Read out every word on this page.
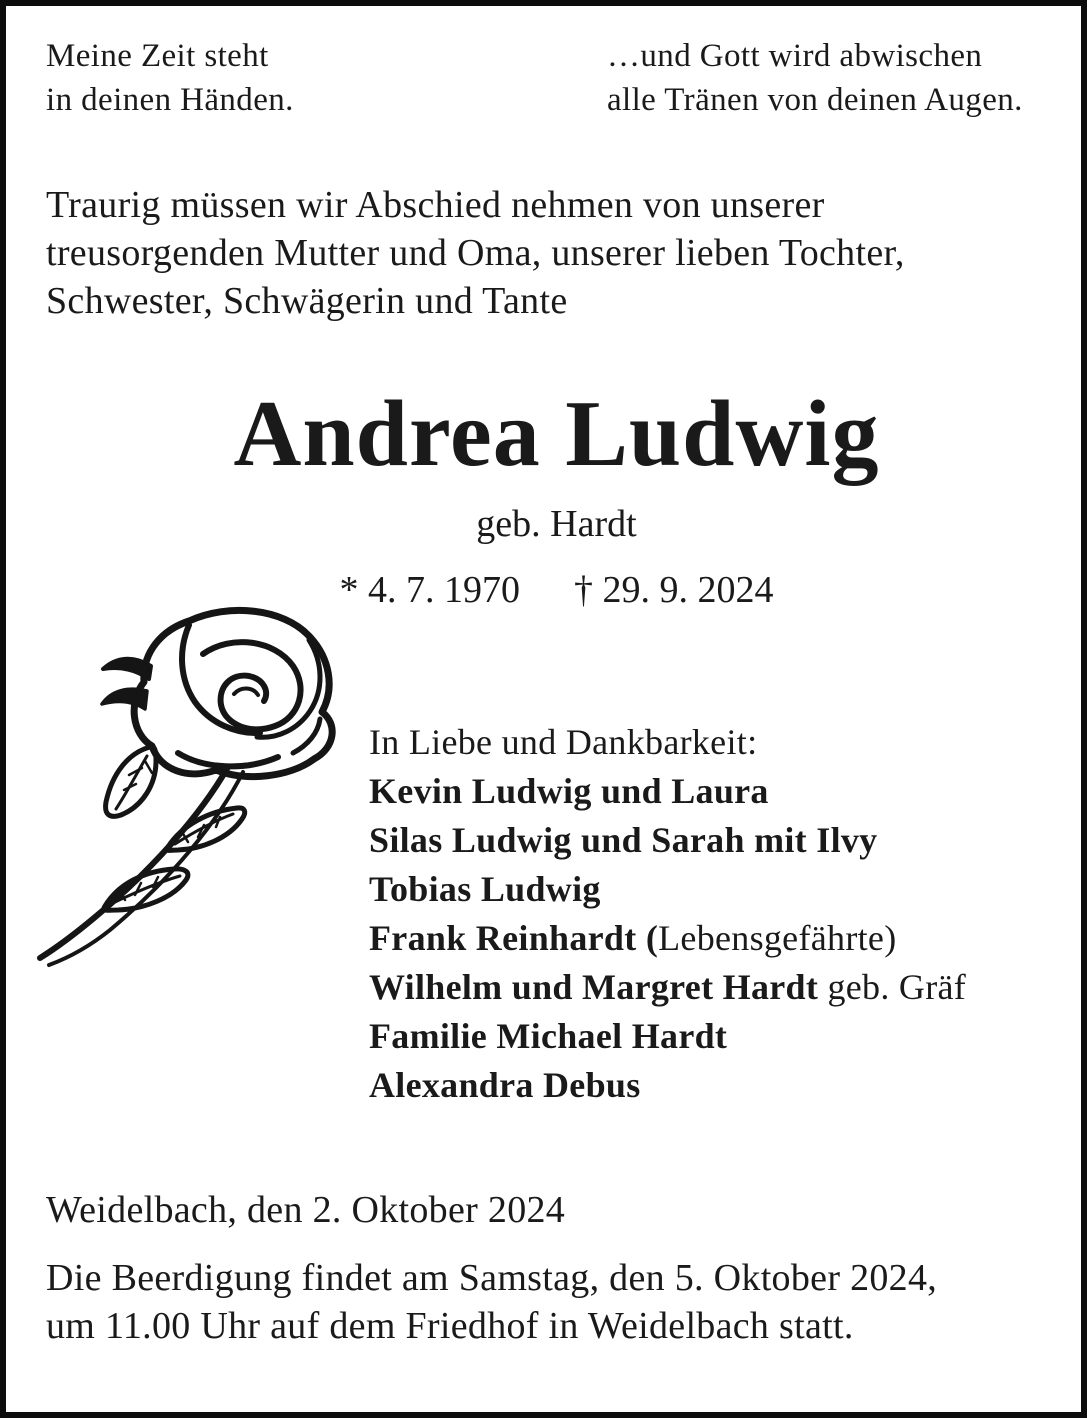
Meine Zeit steht
in deinen Händen.
…und Gott wird abwischen
alle Tränen von deinen Augen.
Traurig müssen wir Abschied nehmen von unserer
treusorgenden Mutter und Oma, unserer lieben Tochter,
Schwester, Schwägerin und Tante
Andrea Ludwig
geb. Hardt
* 4. 7. 1970 † 29. 9. 2024
In Liebe und Dankbarkeit:
Kevin Ludwig und Laura
Silas Ludwig und Sarah mit Ilvy
Tobias Ludwig
Frank Reinhardt (Lebensgefährte)
Wilhelm und Margret Hardt geb. Gräf
Familie Michael Hardt
Alexandra Debus
Weidelbach, den 2. Oktober 2024
Die Beerdigung findet am Samstag, den 5. Oktober 2024,
um 11.00 Uhr auf dem Friedhof in Weidelbach statt.
